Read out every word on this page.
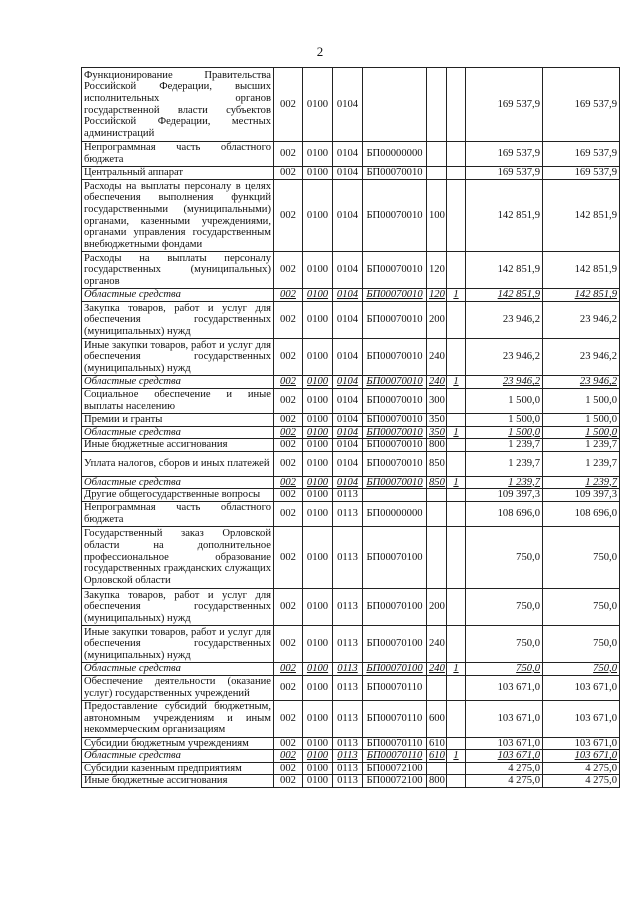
2
Функционирование Правительства Российской Федерации, высших исполнительных органов государственной власти субъектов Российской Федерации, местных администраций	002	0100	0104				169 537,9	169 537,9
Непрограммная часть областного бюджета	002	0100	0104	БП00000000			169 537,9	169 537,9
Центральный аппарат	002	0100	0104	БП00070010			169 537,9	169 537,9
Расходы на выплаты персоналу в целях обеспечения выполнения функций государственными (муниципальными) органами, казенными учреждениями, органами управления государственным внебюджетными фондами	002	0100	0104	БП00070010	100		142 851,9	142 851,9
Расходы на выплаты персоналу государственных (муниципальных) органов	002	0100	0104	БП00070010	120		142 851,9	142 851,9
Областные средства	002	0100	0104	БП00070010	120	1	142 851,9	142 851,9
Закупка товаров, работ и услуг для обеспечения государственных (муниципальных) нужд	002	0100	0104	БП00070010	200		23 946,2	23 946,2
Иные закупки товаров, работ и услуг для обеспечения государственных (муниципальных) нужд	002	0100	0104	БП00070010	240		23 946,2	23 946,2
Областные средства	002	0100	0104	БП00070010	240	1	23 946,2	23 946,2
Социальное обеспечение и иные выплаты населению	002	0100	0104	БП00070010	300		1 500,0	1 500,0
Премии и гранты	002	0100	0104	БП00070010	350		1 500,0	1 500,0
Областные средства	002	0100	0104	БП00070010	350	1	1 500,0	1 500,0
Иные бюджетные ассигнования	002	0100	0104	БП00070010	800		1 239,7	1 239,7
Уплата налогов, сборов и иных платежей	002	0100	0104	БП00070010	850		1 239,7	1 239,7
Областные средства	002	0100	0104	БП00070010	850	1	1 239,7	1 239,7
Другие общегосударственные вопросы	002	0100	0113				109 397,3	109 397,3
Непрограммная часть областного бюджета	002	0100	0113	БП00000000			108 696,0	108 696,0
Государственный заказ Орловской области на дополнительное профессиональное образование государственных гражданских служащих Орловской области	002	0100	0113	БП00070100			750,0	750,0
Закупка товаров, работ и услуг для обеспечения государственных (муниципальных) нужд	002	0100	0113	БП00070100	200		750,0	750,0
Иные закупки товаров, работ и услуг для обеспечения государственных (муниципальных) нужд	002	0100	0113	БП00070100	240		750,0	750,0
Областные средства	002	0100	0113	БП00070100	240	1	750,0	750,0
Обеспечение деятельности (оказание услуг) государственных учреждений	002	0100	0113	БП00070110			103 671,0	103 671,0
Предоставление субсидий бюджетным, автономным учреждениям и иным некоммерческим организациям	002	0100	0113	БП00070110	600		103 671,0	103 671,0
Субсидии бюджетным учреждениям	002	0100	0113	БП00070110	610		103 671,0	103 671,0
Областные средства	002	0100	0113	БП00070110	610	1	103 671,0	103 671,0
Субсидии казенным предприятиям	002	0100	0113	БП00072100			4 275,0	4 275,0
Иные бюджетные ассигнования	002	0100	0113	БП00072100	800		4 275,0	4 275,0
